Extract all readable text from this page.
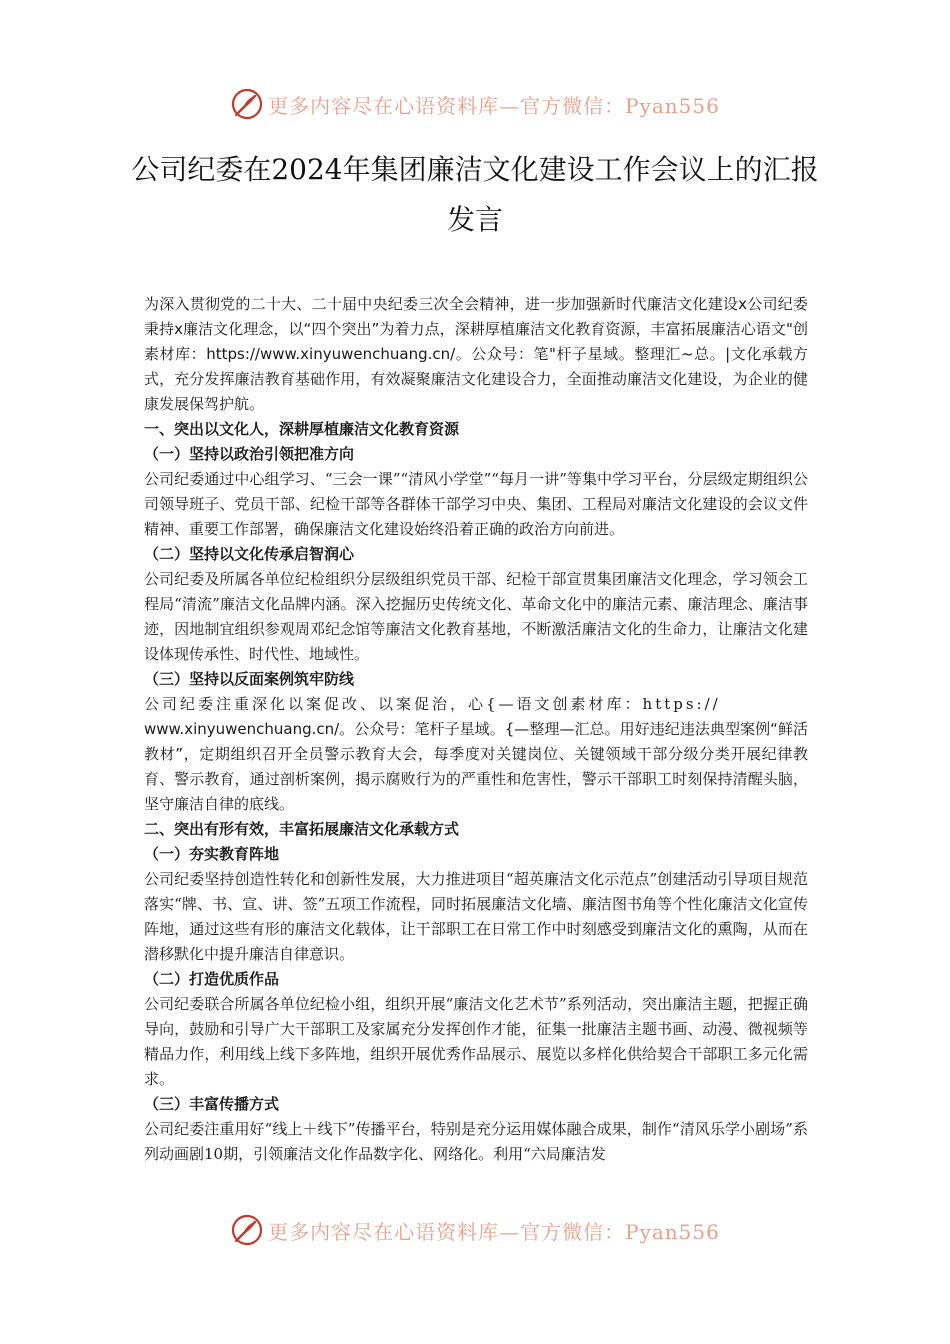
更多内容尽在心语资料库—官方微信：Pyan556
公司纪委在2024年集团廉洁文化建设工作会议上的汇报发言

为深入贯彻党的二十大、二十届中央纪委三次全会精神，进一步加强新时代廉洁文化建设x公司纪委秉持x廉洁文化理念，以“四个突出”为着力点，深耕厚植廉洁文化教育资源，丰富拓展廉洁心语文"创素材库：https://www.xinyuwenchuang.cn/。公众号：笔"杆子星域。整理汇~总。|文化承载方式，充分发挥廉洁教育基础作用，有效凝聚廉洁文化建设合力，全面推动廉洁文化建设，为企业的健康发展保驾护航。

一、突出以文化人，深耕厚植廉洁文化教育资源

（一）坚持以政治引领把准方向

公司纪委通过中心组学习、“三会一课”“清风小学堂”“每月一讲”等集中学习平台，分层级定期组织公司领导班子、党员干部、纪检干部等各群体干部学习中央、集团、工程局对廉洁文化建设的会议文件精神、重要工作部署，确保廉洁文化建设始终沿着正确的政治方向前进。

（二）坚持以文化传承启智润心

公司纪委及所属各单位纪检组织分层级组织党员干部、纪检干部宣贯集团廉洁文化理念，学习领会工程局“清流”廉洁文化品牌内涵。深入挖掘历史传统文化、革命文化中的廉洁元素、廉洁理念、廉洁事迹，因地制宜组织参观周邓纪念馆等廉洁文化教育基地，不断激活廉洁文化的生命力，让廉洁文化建设体现传承性、时代性、地域性。

（三）坚持以反面案例筑牢防线

公司纪委注重深化以案促改、以案促治，心{—语文创素材库：https://

www.xinyuwenchuang.cn/。公众号：笔杆子星域。{—整理—汇总。用好违纪违法典型案例“鲜活教材”，定期组织召开全员警示教育大会，每季度对关键岗位、关键领域干部分级分类开展纪律教育、警示教育，通过剖析案例，揭示腐败行为的严重性和危害性，警示干部职工时刻保持清醒头脑，坚守廉洁自律的底线。

二、突出有形有效，丰富拓展廉洁文化承载方式

（一）夯实教育阵地

公司纪委坚持创造性转化和创新性发展，大力推进项目“超英廉洁文化示范点”创建活动引导项目规范落实“牌、书、宣、讲、签”五项工作流程，同时拓展廉洁文化墙、廉洁图书角等个性化廉洁文化宣传阵地，通过这些有形的廉洁文化载体，让干部职工在日常工作中时刻感受到廉洁文化的熏陶，从而在潜移默化中提升廉洁自律意识。

（二）打造优质作品

公司纪委联合所属各单位纪检小组，组织开展“廉洁文化艺术节”系列活动，突出廉洁主题，把握正确导向，鼓励和引导广大干部职工及家属充分发挥创作才能，征集一批廉洁主题书画、动漫、微视频等精品力作，利用线上线下多阵地，组织开展优秀作品展示、展览以多样化供给契合干部职工多元化需求。

（三）丰富传播方式

公司纪委注重用好“线上＋线下”传播平台，特别是充分运用媒体融合成果，制作“清风乐学小剧场”系列动画剧10期，引领廉洁文化作品数字化、网络化。利用“六局廉洁发

更多内容尽在心语资料库—官方微信：Pyan556
